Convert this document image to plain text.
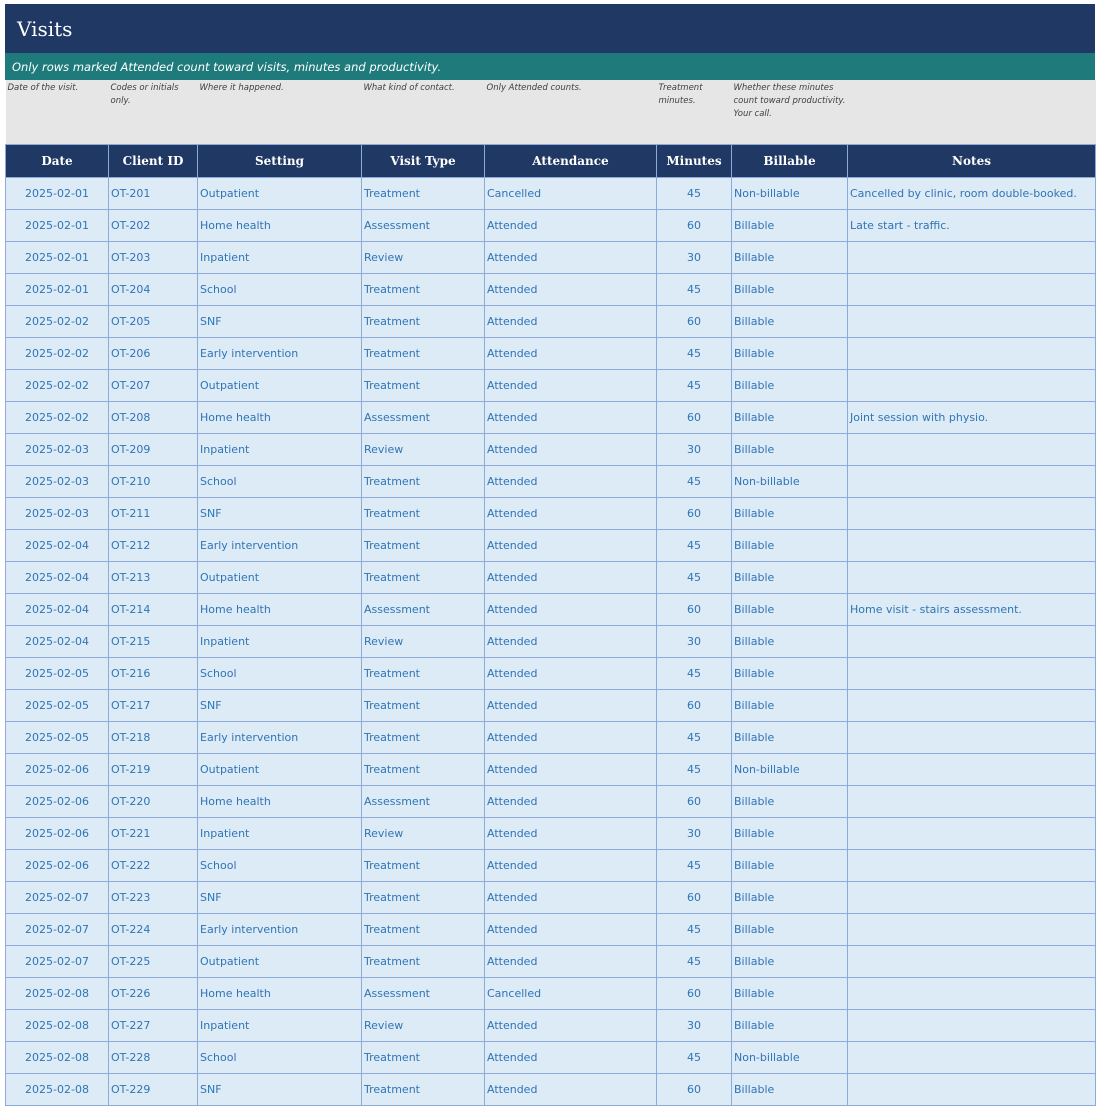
Visits
Only rows marked Attended count toward visits, minutes and productivity.
Date of the visit.	Codes or initials only.	Where it happened.	What kind of contact.	Only Attended counts.	Treatment minutes.	Whether these minutes count toward productivity. Your call.	
Date	Client ID	Setting	Visit Type	Attendance	Minutes	Billable	Notes
2025-02-01	OT-201	Outpatient	Treatment	Cancelled	45	Non-billable	Cancelled by clinic, room double-booked.
2025-02-01	OT-202	Home health	Assessment	Attended	60	Billable	Late start - traffic.
2025-02-01	OT-203	Inpatient	Review	Attended	30	Billable	
2025-02-01	OT-204	School	Treatment	Attended	45	Billable	
2025-02-02	OT-205	SNF	Treatment	Attended	60	Billable	
2025-02-02	OT-206	Early intervention	Treatment	Attended	45	Billable	
2025-02-02	OT-207	Outpatient	Treatment	Attended	45	Billable	
2025-02-02	OT-208	Home health	Assessment	Attended	60	Billable	Joint session with physio.
2025-02-03	OT-209	Inpatient	Review	Attended	30	Billable	
2025-02-03	OT-210	School	Treatment	Attended	45	Non-billable	
2025-02-03	OT-211	SNF	Treatment	Attended	60	Billable	
2025-02-04	OT-212	Early intervention	Treatment	Attended	45	Billable	
2025-02-04	OT-213	Outpatient	Treatment	Attended	45	Billable	
2025-02-04	OT-214	Home health	Assessment	Attended	60	Billable	Home visit - stairs assessment.
2025-02-04	OT-215	Inpatient	Review	Attended	30	Billable	
2025-02-05	OT-216	School	Treatment	Attended	45	Billable	
2025-02-05	OT-217	SNF	Treatment	Attended	60	Billable	
2025-02-05	OT-218	Early intervention	Treatment	Attended	45	Billable	
2025-02-06	OT-219	Outpatient	Treatment	Attended	45	Non-billable	
2025-02-06	OT-220	Home health	Assessment	Attended	60	Billable	
2025-02-06	OT-221	Inpatient	Review	Attended	30	Billable	
2025-02-06	OT-222	School	Treatment	Attended	45	Billable	
2025-02-07	OT-223	SNF	Treatment	Attended	60	Billable	
2025-02-07	OT-224	Early intervention	Treatment	Attended	45	Billable	
2025-02-07	OT-225	Outpatient	Treatment	Attended	45	Billable	
2025-02-08	OT-226	Home health	Assessment	Cancelled	60	Billable	
2025-02-08	OT-227	Inpatient	Review	Attended	30	Billable	
2025-02-08	OT-228	School	Treatment	Attended	45	Non-billable	
2025-02-08	OT-229	SNF	Treatment	Attended	60	Billable	
